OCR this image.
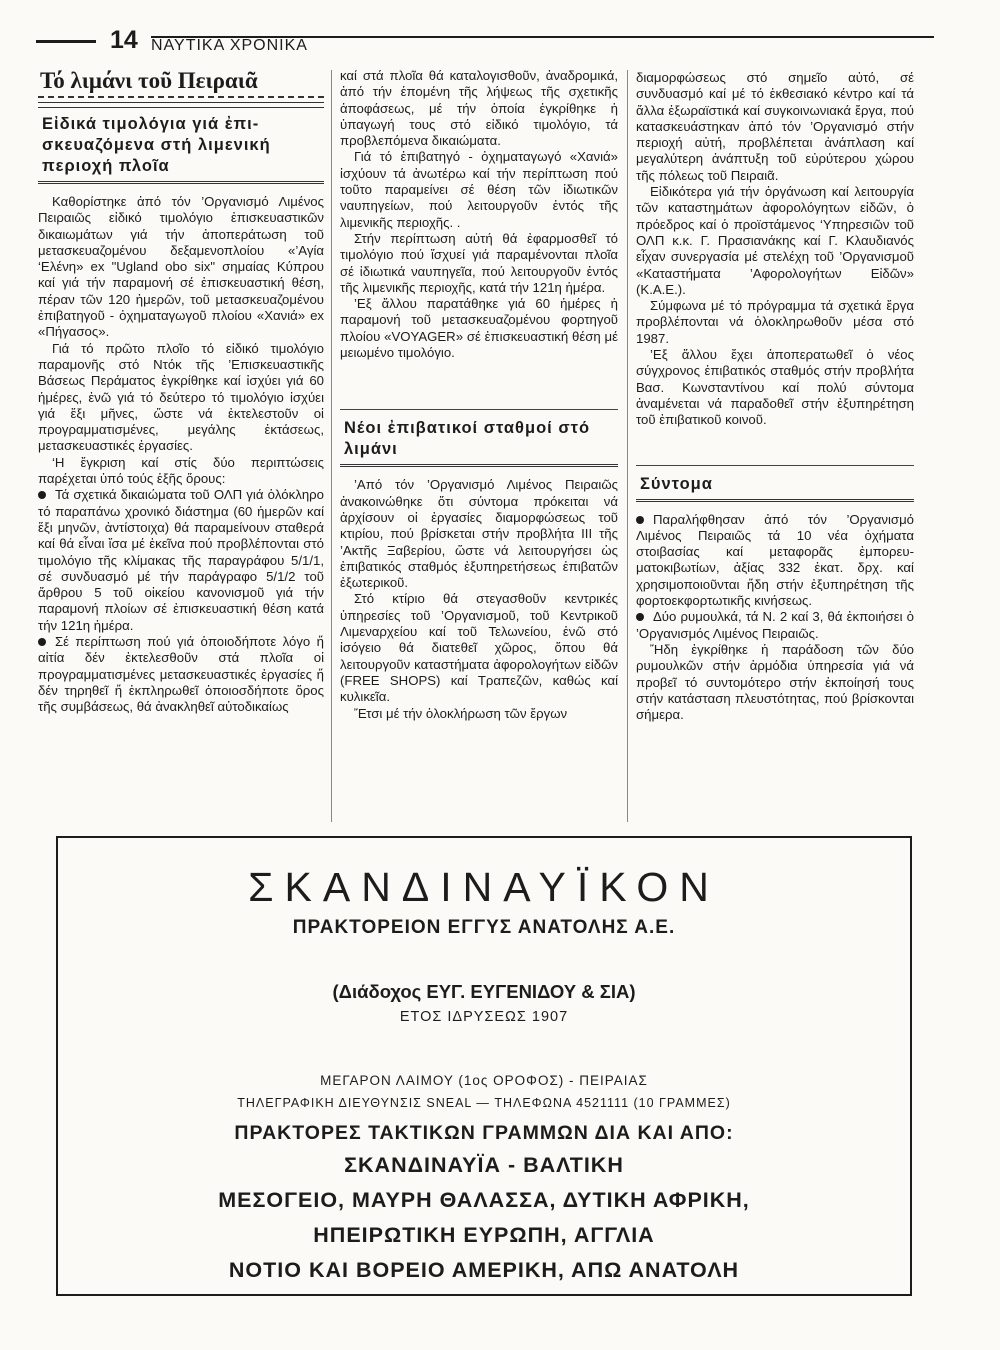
14 ΝΑΥΤΙΚΑ ΧΡΟΝΙΚΑ
Τό λιμάνι τοῦ Πειραιᾶ
Εἰδικά τιμολόγια γιά ἐπισκευαζόμενα στή λιμενική περιοχή πλοῖα

Καθορίστηκε ἀπό τόν ’Οργανισμό Λιμένος Πειραιῶς εἰδικό τιμολόγιο ἐπισκευαστικῶν δικαιωμάτων γιά τήν ἀποπεράτωση τοῦ μετασκευαζομένου δεξαμενοπλοίου «’Αγία ‘Ελένη» ex "Ugland obo six" σημαίας Κύπρου καί γιά τήν παραμονή σέ ἐπισκευαστική θέση, πέραν τῶν 120 ἡμερῶν, τοῦ μετασκευαζομένου ἐπιβατηγοῦ - ὀχηματαγωγοῦ πλοίου «Χανιά» ex «Πήγασος».

Γιά τό πρῶτο πλοῖο τό εἰδικό τιμολόγιο παραμονῆς στό Ντόκ τῆς ’Επισκευαστικῆς Βάσεως Περάματος ἐγκρίθηκε καί ἰσχύει γιά 60 ἡμέρες, ἐνῶ γιά τό δεύτερο τό τιμολόγιο ἰσχύει γιά ἕξι μῆνες, ὥστε νά ἐκτελεστοῦν οἱ προγραμματισμένες, μεγάλης ἐκτάσεως, μετασκευαστικές ἐργασίες.

‘Η ἔγκριση καί στίς δύο περιπτώσεις παρέχεται ὑπό τούς ἑξῆς ὅρους:

Τά σχετικά δικαιώματα τοῦ ΟΛΠ γιά ὁλόκληρο τό παραπάνω χρονικό διάστημα (60 ἡμερῶν καί ἕξι μηνῶν, ἀντίστοιχα) θά παραμείνουν σταθερά καί θά εἶναι ἴσα μέ ἐκεῖνα πού προβλέπονται στό τιμολόγιο τῆς κλίμακας τῆς παραγράφου 5/1/1, σέ συνδυασμό μέ τήν παράγραφο 5/1/2 τοῦ ἄρθρου 5 τοῦ οἰκείου κανονισμοῦ γιά τήν παραμονή πλοίων σέ ἐπισκευαστική θέση κατά τήν 121η ἡμέρα.

Σέ περίπτωση πού γιά ὁποιοδήποτε λόγο ἤ αἰτία δέν ἐκτελεσθοῦν στά πλοῖα οἱ προγραμματισμένες μετασκευαστικές ἐργασίες ἤ δέν τηρηθεῖ ἤ ἐκπληρωθεῖ ὁποιοσδήποτε ὅρος τῆς συμβάσεως, θά ἀνακληθεῖ αὐτοδικαίως

καί στά πλοῖα θά καταλογισθοῦν, ἀναδρομικά, ἀπό τήν ἑπομένη τῆς λήψεως τῆς σχετικῆς ἀποφάσεως, μέ τήν ὁποία ἐγκρίθηκε ἡ ὑπαγωγή τους στό εἰδικό τιμολόγιο, τά προβλεπόμενα δικαιώματα.

Γιά τό ἐπιβατηγό - ὀχηματαγωγό «Χανιά» ἰσχύουν τά ἀνωτέρω καί τήν περίπτωση πού τοῦτο παραμείνει σέ θέση τῶν ἰδιωτικῶν ναυπηγείων, πού λειτουργοῦν ἐντός τῆς λιμενικῆς περιοχῆς. .

Στήν περίπτωση αὐτή θά ἐφαρμοσθεῖ τό τιμολόγιο πού ἴσχυεί γιά παραμένονται πλοῖα σέ ἰδιωτικά ναυπηγεῖα, πού λειτουργοῦν ἐντός τῆς λιμενικῆς περιοχῆς, κατά τήν 121η ἡμέρα.

’Εξ ἄλλου παρατάθηκε γιά 60 ἡμέρες ἡ παραμονή τοῦ μετασκευαζομένου φορτηγοῦ πλοίου «VOYAGER» σέ ἐπισκευαστική θέση μέ μειωμένο τιμολόγιο.

Νέοι ἐπιβατικοί σταθμοί στό λιμάνι

’Από τόν ’Οργανισμό Λιμένος Πειραιῶς ἀνακοινώθηκε ὅτι σύντομα πρόκειται νά ἀρχίσουν οἱ ἐργασίες διαμορφώσεως τοῦ κτιρίου, πού βρίσκεται στήν προβλήτα ΙΙΙ τῆς ’Ακτῆς Ξαβερίου, ὥστε νά λειτουργήσει ὡς ἐπιβατικός σταθμός ἐξυπηρετήσεως ἐπιβατῶν ἐξωτερικοῦ.

Στό κτίριο θά στεγασθοῦν κεντρικές ὑπηρεσίες τοῦ ’Οργανισμοῦ, τοῦ Κεντρικοῦ Λιμεναρχείου καί τοῦ Τελωνείου, ἐνῶ στό ἰσόγειο θά διατεθεῖ χῶρος, ὅπου θά λειτουργοῦν καταστήματα ἀφορολογήτων εἰδῶν (FREE SHOPS) καί Τραπεζῶν, καθώς καί κυλικεῖα.

Ἔτσι μέ τήν ὁλοκλήρωση τῶν ἔργων

διαμορφώσεως στό σημεῖο αὐτό, σέ συνδυασμό καί μέ τό ἐκθεσιακό κέντρο καί τά ἄλλα ἐξωραϊστικά καί συγκοινωνιακά ἔργα, πού κατασκευάστηκαν ἀπό τόν ’Οργανισμό στήν περιοχή αὐτή, προβλέπεται ἀνάπλαση καί μεγαλύτερη ἀνάπτυξη τοῦ εὐρύτερου χώρου τῆς πόλεως τοῦ Πειραιᾶ.

Εἰδικότερα γιά τήν ὀργάνωση καί λειτουργία τῶν καταστημάτων ἀφορολόγητων εἰδῶν, ὁ πρόεδρος καί ὁ προϊστάμενος ‘Υπηρεσιῶν τοῦ ΟΛΠ κ.κ. Γ. Πρασιανάκης καί Γ. Κλαυδιανός εἶχαν συνεργασία μέ στελέχη τοῦ ’Οργανισμοῦ «Καταστήματα ’Αφορολογήτων Εἰδῶν» (Κ.Α.Ε.).

Σύμφωνα μέ τό πρόγραμμα τά σχετικά ἔργα προβλέπονται νά ὁλοκληρωθοῦν μέσα στό 1987.

’Εξ ἄλλου ἔχει ἀποπερατωθεῖ ὁ νέος σύγχρονος ἐπιβατικός σταθμός στήν προβλήτα Βασ. Κωνσταντίνου καί πολύ σύντομα ἀναμένεται νά παραδοθεῖ στήν ἐξυπηρέτηση τοῦ ἐπιβατικοῦ κοινοῦ.

Σύντομα

Παραλήφθησαν ἀπό τόν ’Οργανισμό Λιμένος Πειραιῶς τά 10 νέα ὀχήματα στοιβασίας καί μεταφορᾶς ἐμπορευματοκιβωτίων, ἀξίας 332 ἑκατ. δρχ. καί χρησιμοποιοῦνται ἤδη στήν ἐξυπηρέτηση τῆς φορτοεκφορτωτικῆς κινήσεως.

Δύο ρυμουλκά, τά Ν. 2 καί 3, θά ἐκποιήσει ὁ ’Οργανισμός Λιμένος Πειραιῶς.

Ἤδη ἐγκρίθηκε ἡ παράδοση τῶν δύο ρυμουλκῶν στήν ἁρμόδια ὑπηρεσία γιά νά προβεῖ τό συντομότερο στήν ἐκποίησή τους στήν κατάσταση πλευστότητας, πού βρίσκονται σήμερα.

ΣΚΑΝΔΙΝΑΥΪΚΟΝ
ΠΡΑΚΤΟΡΕΙΟΝ ΕΓΓΥΣ ΑΝΑΤΟΛΗΣ Α.Ε.
(Διάδοχος ΕΥΓ. ΕΥΓΕΝΙΔΟΥ & ΣΙΑ)
ΕΤΟΣ ΙΔΡΥΣΕΩΣ 1907
ΜΕΓΑΡΟΝ ΛΑΙΜΟΥ (1ος ΟΡΟΦΟΣ) - ΠΕΙΡΑΙΑΣ
ΤΗΛΕΓΡΑΦΙΚΗ ΔΙΕΥΘΥΝΣΙΣ SNEAL — ΤΗΛΕΦΩΝΑ 4521111 (10 ΓΡΑΜΜΕΣ)
ΠΡΑΚΤΟΡΕΣ ΤΑΚΤΙΚΩΝ ΓΡΑΜΜΩΝ ΔΙΑ ΚΑΙ ΑΠΟ:
ΣΚΑΝΔΙΝΑΥΪΑ - ΒΑΛΤΙΚΗ
ΜΕΣΟΓΕΙΟ, ΜΑΥΡΗ ΘΑΛΑΣΣΑ, ΔΥΤΙΚΗ ΑΦΡΙΚΗ,
ΗΠΕΙΡΩΤΙΚΗ ΕΥΡΩΠΗ, ΑΓΓΛΙΑ
ΝΟΤΙΟ ΚΑΙ ΒΟΡΕΙΟ ΑΜΕΡΙΚΗ, ΑΠΩ ΑΝΑΤΟΛΗ
